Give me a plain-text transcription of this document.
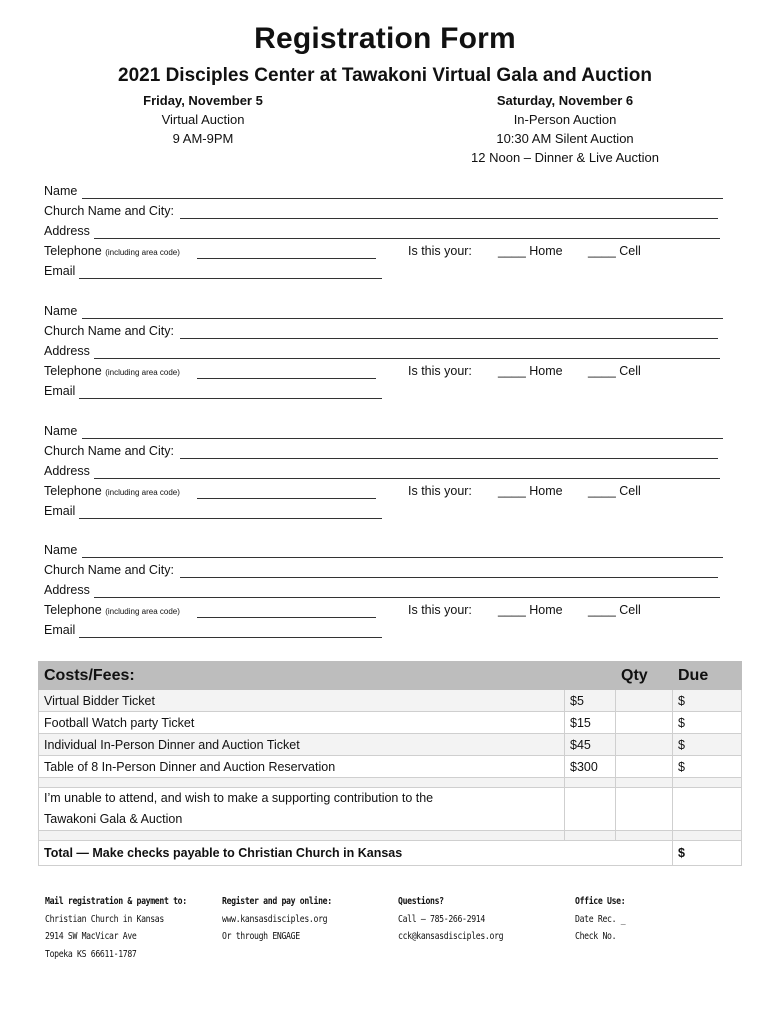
Registration Form
2021 Disciples Center at Tawakoni Virtual Gala and Auction
Friday, November 5
Virtual Auction
9 AM-9PM
Saturday, November 6
In-Person Auction
10:30 AM Silent Auction
12 Noon – Dinner & Live Auction
Name
Church Name and City:
Address
Telephone (including area code)	Is this your: ____ Home ____ Cell
Email
Name
Church Name and City:
Address
Telephone (including area code)	Is this your: ____ Home ____ Cell
Email
Name
Church Name and City:
Address
Telephone (including area code)	Is this your: ____ Home ____ Cell
Email
Name
Church Name and City:
Address
Telephone (including area code)	Is this your: ____ Home ____ Cell
Email
Costs/Fees:		Qty	Due
Virtual Bidder Ticket	$5		$
Football Watch party Ticket	$15		$
Individual In-Person Dinner and Auction Ticket	$45		$
Table of 8 In-Person Dinner and Auction Reservation	$300		$

I’m unable to attend, and wish to make a supporting contribution to the
Tawakoni Gala & Auction			

Total — Make checks payable to Christian Church in Kansas			$
Mail registration & payment to:
Christian Church in Kansas
2914 SW MacVicar Ave
Topeka KS 66611-1787
Register and pay online:
www.kansasdisciples.org
Or through ENGAGE
Questions?
Call – 785-266-2914
cck@kansasdisciples.org
Office Use:
Date Rec. _
Check No.
